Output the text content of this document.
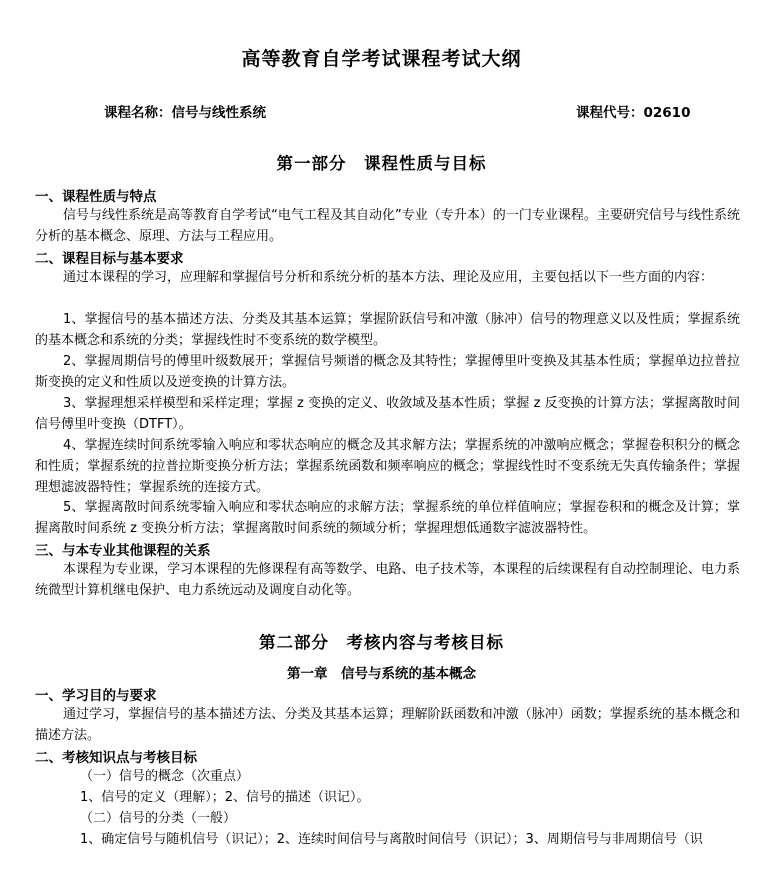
高等教育自学考试课程考试大纲
课程名称：信号与线性系统	课程代号：02610
第一部分　课程性质与目标
一、课程性质与特点
信号与线性系统是高等教育自学考试“电气工程及其自动化”专业（专升本）的一门专业课程。主要研究信号与线性系统分析的基本概念、原理、方法与工程应用。
二、课程目标与基本要求
通过本课程的学习，应理解和掌握信号分析和系统分析的基本方法、理论及应用，主要包括以下一些方面的内容：
1、掌握信号的基本描述方法、分类及其基本运算；掌握阶跃信号和冲激（脉冲）信号的物理意义以及性质；掌握系统的基本概念和系统的分类；掌握线性时不变系统的数学模型。
2、掌握周期信号的傅里叶级数展开；掌握信号频谱的概念及其特性；掌握傅里叶变换及其基本性质；掌握单边拉普拉斯变换的定义和性质以及逆变换的计算方法。
3、掌握理想采样模型和采样定理；掌握 z 变换的定义、收敛域及基本性质；掌握 z 反变换的计算方法；掌握离散时间信号傅里叶变换（DTFT）。
4、掌握连续时间系统零输入响应和零状态响应的概念及其求解方法；掌握系统的冲激响应概念；掌握卷积积分的概念和性质；掌握系统的拉普拉斯变换分析方法；掌握系统函数和频率响应的概念；掌握线性时不变系统无失真传输条件；掌握理想滤波器特性；掌握系统的连接方式。
5、掌握离散时间系统零输入响应和零状态响应的求解方法；掌握系统的单位样值响应；掌握卷积和的概念及计算；掌握离散时间系统 z 变换分析方法；掌握离散时间系统的频域分析；掌握理想低通数字滤波器特性。
三、与本专业其他课程的关系
本课程为专业课，学习本课程的先修课程有高等数学、电路、电子技术等，本课程的后续课程有自动控制理论、电力系统微型计算机继电保护、电力系统远动及调度自动化等。
第二部分　考核内容与考核目标
第一章　信号与系统的基本概念
一、学习目的与要求
通过学习，掌握信号的基本描述方法、分类及其基本运算；理解阶跃函数和冲激（脉冲）函数；掌握系统的基本概念和描述方法。
二、考核知识点与考核目标
（一）信号的概念（次重点）
1、信号的定义（理解）；2、信号的描述（识记）。
（二）信号的分类（一般）
1、确定信号与随机信号（识记）；2、连续时间信号与离散时间信号（识记）；3、周期信号与非周期信号（识
